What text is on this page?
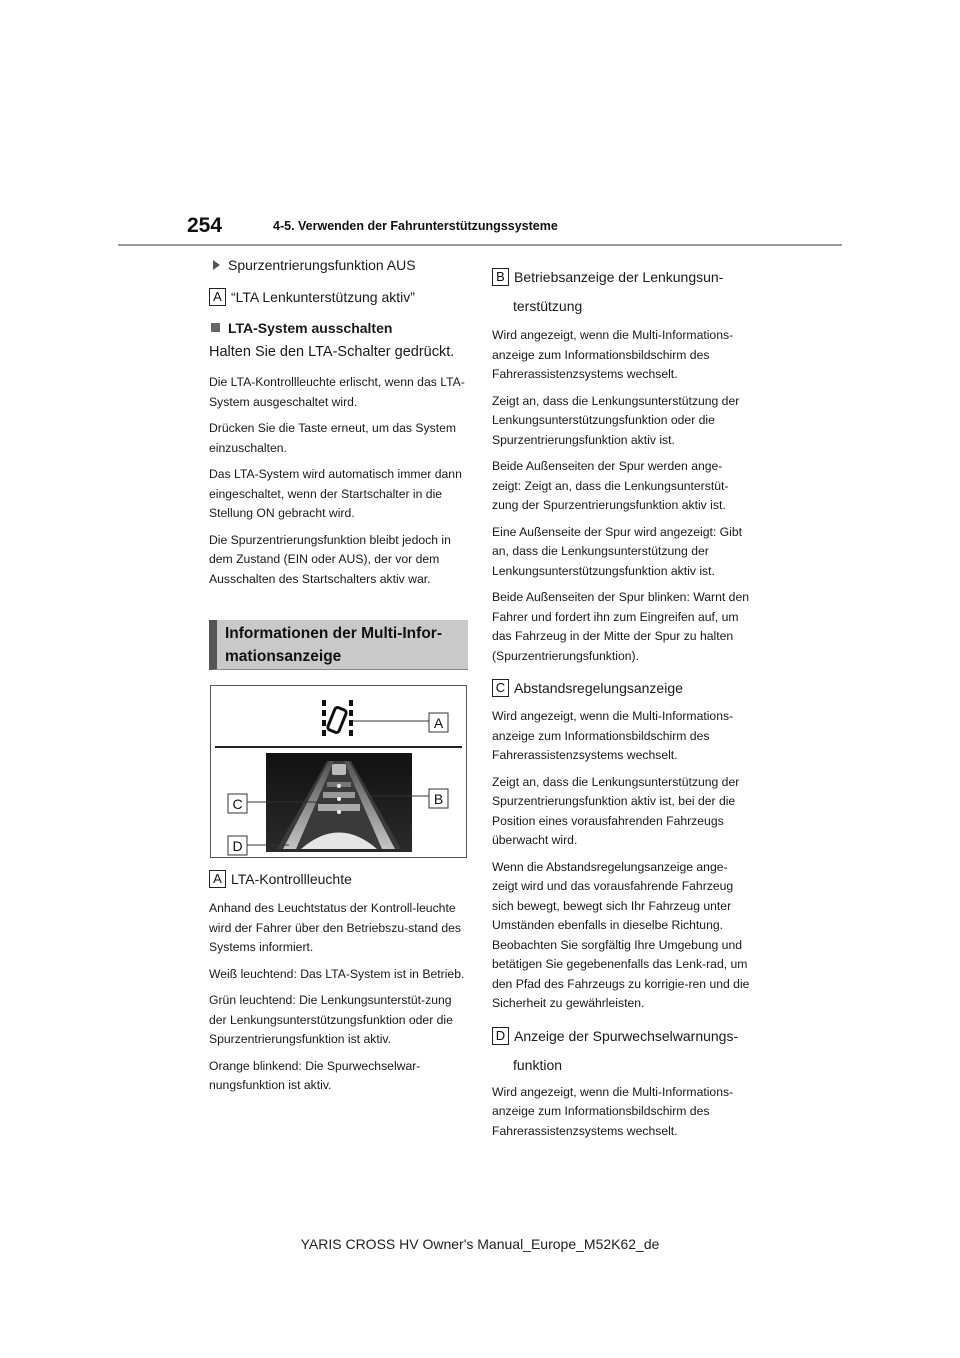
254	4-5. Verwenden der Fahrunterstützungssysteme
Spurzentrierungsfunktion AUS
A “LTA Lenkunterstützung aktiv”
LTA-System ausschalten

Halten Sie den LTA-Schalter gedrückt.

Die LTA-Kontrollleuchte erlischt, wenn das LTA-System ausgeschaltet wird.

Drücken Sie die Taste erneut, um das System einzuschalten.

Das LTA-System wird automatisch immer dann eingeschaltet, wenn der Startschalter in die Stellung ON gebracht wird.

Die Spurzentrierungsfunktion bleibt jedoch in dem Zustand (EIN oder AUS), der vor dem Ausschalten des Startschalters aktiv war.

Informationen der Multi-Infor-
mationsanzeige
A
B
C
D
A LTA-Kontrollleuchte

Anhand des Leuchtstatus der Kontroll-leuchte wird der Fahrer über den Betriebszu-stand des Systems informiert.

Weiß leuchtend: Das LTA-System ist in Betrieb.

Grün leuchtend: Die Lenkungsunterstüt-zung der Lenkungsunterstützungsfunktion oder die Spurzentrierungsfunktion ist aktiv.

Orange blinkend: Die Spurwechselwar-nungsfunktion ist aktiv.

B Betriebsanzeige der Lenkungsun-
terstützung

Wird angezeigt, wenn die Multi-Informations-anzeige zum Informationsbildschirm des Fahrerassistenzsystems wechselt.

Zeigt an, dass die Lenkungsunterstützung der Lenkungsunterstützungsfunktion oder die Spurzentrierungsfunktion aktiv ist.

Beide Außenseiten der Spur werden ange-zeigt: Zeigt an, dass die Lenkungsunterstüt-zung der Spurzentrierungsfunktion aktiv ist.

Eine Außenseite der Spur wird angezeigt: Gibt an, dass die Lenkungsunterstützung der Lenkungsunterstützungsfunktion aktiv ist.

Beide Außenseiten der Spur blinken: Warnt den Fahrer und fordert ihn zum Eingreifen auf, um das Fahrzeug in der Mitte der Spur zu halten (Spurzentrierungsfunktion).

C Abstandsregelungsanzeige

Wird angezeigt, wenn die Multi-Informations-anzeige zum Informationsbildschirm des Fahrerassistenzsystems wechselt.

Zeigt an, dass die Lenkungsunterstützung der Spurzentrierungsfunktion aktiv ist, bei der die Position eines vorausfahrenden Fahrzeugs überwacht wird.

Wenn die Abstandsregelungsanzeige ange-zeigt wird und das vorausfahrende Fahrzeug sich bewegt, bewegt sich Ihr Fahrzeug unter Umständen ebenfalls in dieselbe Richtung. Beobachten Sie sorgfältig Ihre Umgebung und betätigen Sie gegebenenfalls das Lenk-rad, um den Pfad des Fahrzeugs zu korrigie-ren und die Sicherheit zu gewährleisten.

D Anzeige der Spurwechselwarnungs-
funktion

Wird angezeigt, wenn die Multi-Informations-anzeige zum Informationsbildschirm des Fahrerassistenzsystems wechselt.

YARIS CROSS HV Owner's Manual_Europe_M52K62_de
